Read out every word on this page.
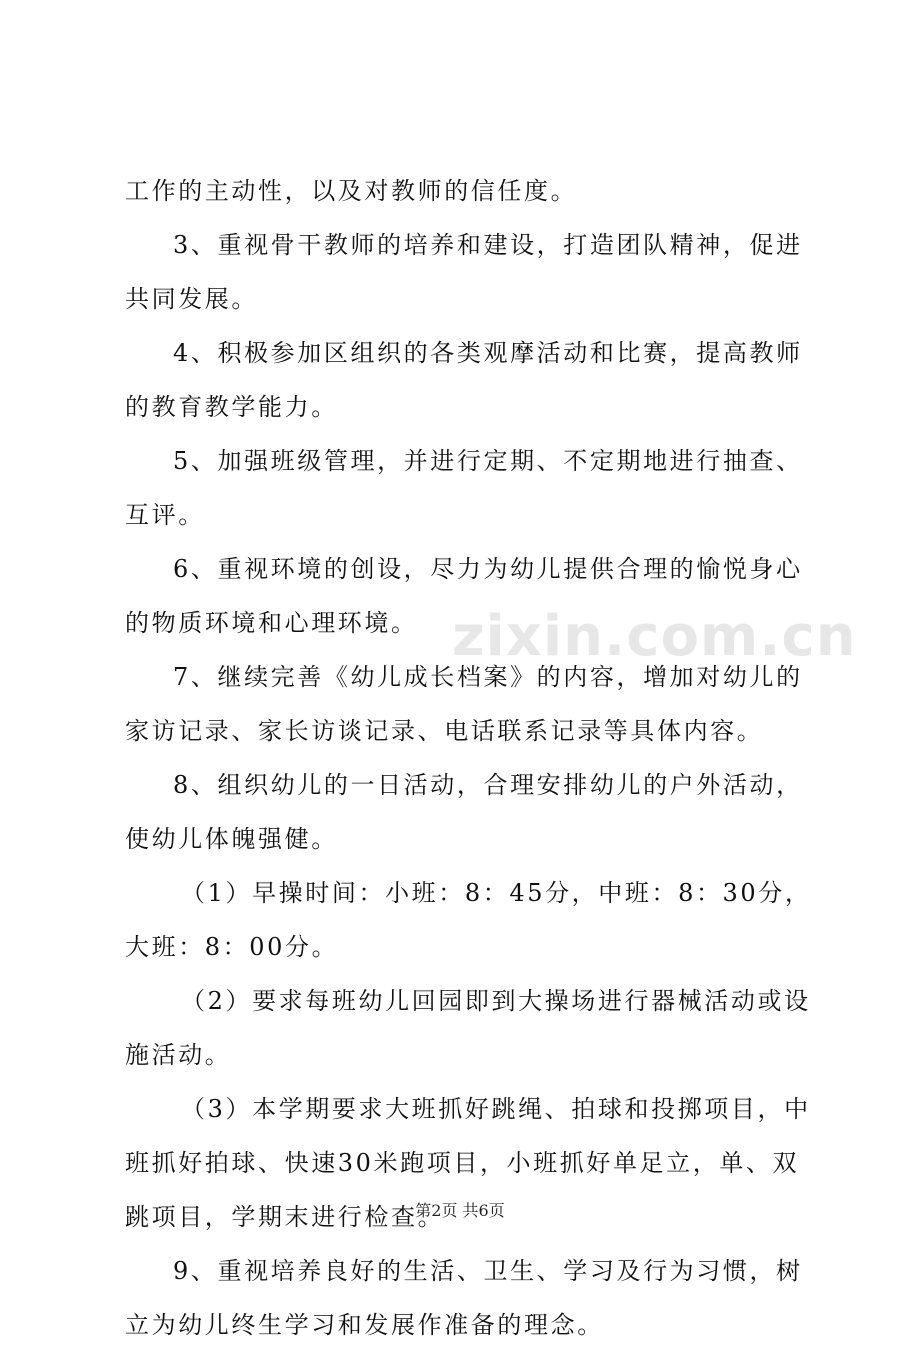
工作的主动性，以及对教师的信任度。

3、重视骨干教师的培养和建设，打造团队精神，促进共同发展。

4、积极参加区组织的各类观摩活动和比赛，提高教师的教育教学能力。

5、加强班级管理，并进行定期、不定期地进行抽查、互评。

6、重视环境的创设，尽力为幼儿提供合理的愉悦身心的物质环境和心理环境。

7、继续完善《幼儿成长档案》的内容，增加对幼儿的家访记录、家长访谈记录、电话联系记录等具体内容。

8、组织幼儿的一日活动，合理安排幼儿的户外活动，使幼儿体魄强健。

（1）早操时间：小班：8：45分，中班：8：30分，大班：8：00分。

（2）要求每班幼儿回园即到大操场进行器械活动或设施活动。

（3）本学期要求大班抓好跳绳、拍球和投掷项目，中班抓好拍球、快速30米跑项目，小班抓好单足立，单、双跳项目，学期末进行检查。

9、重视培养良好的生活、卫生、学习及行为习惯，树立为幼儿终生学习和发展作准备的理念。

zixin.com.cn
第2页 共6页
